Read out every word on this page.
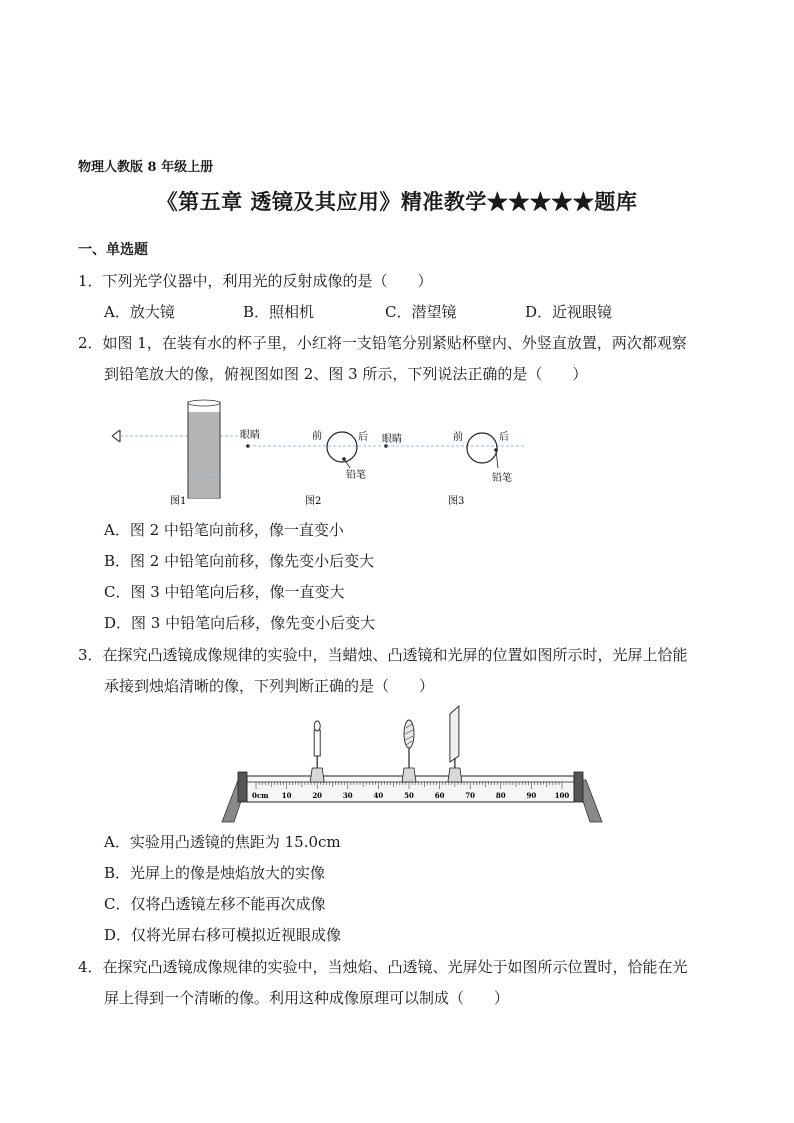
物理人教版 8 年级上册
《第五章 透镜及其应用》精准教学★★★★★题库
一、单选题
1．下列光学仪器中，利用光的反射成像的是（　　）
A．放大镜	B．照相机	C．潜望镜	D．近视眼镜
2．如图 1，在装有水的杯子里，小红将一支铅笔分别紧贴杯壁内、外竖直放置，两次都观察
到铅笔放大的像，俯视图如图 2、图 3 所示，下列说法正确的是（　　）
眼睛	前	后
铅笔
眼睛	前	后
铅笔
图1	图2	图3
A．图 2 中铅笔向前移，像一直变小
B．图 2 中铅笔向前移，像先变小后变大
C．图 3 中铅笔向后移，像一直变大
D．图 3 中铅笔向后移，像先变小后变大
3．在探究凸透镜成像规律的实验中，当蜡烛、凸透镜和光屏的位置如图所示时，光屏上恰能
承接到烛焰清晰的像，下列判断正确的是（　　）
0cm 10	20	30	40	50	60	70	80	90	100
A．实验用凸透镜的焦距为 15.0cm
B．光屏上的像是烛焰放大的实像
C．仅将凸透镜左移不能再次成像
D．仅将光屏右移可模拟近视眼成像
4．在探究凸透镜成像规律的实验中，当烛焰、凸透镜、光屏处于如图所示位置时，恰能在光
屏上得到一个清晰的像。利用这种成像原理可以制成（　　）
